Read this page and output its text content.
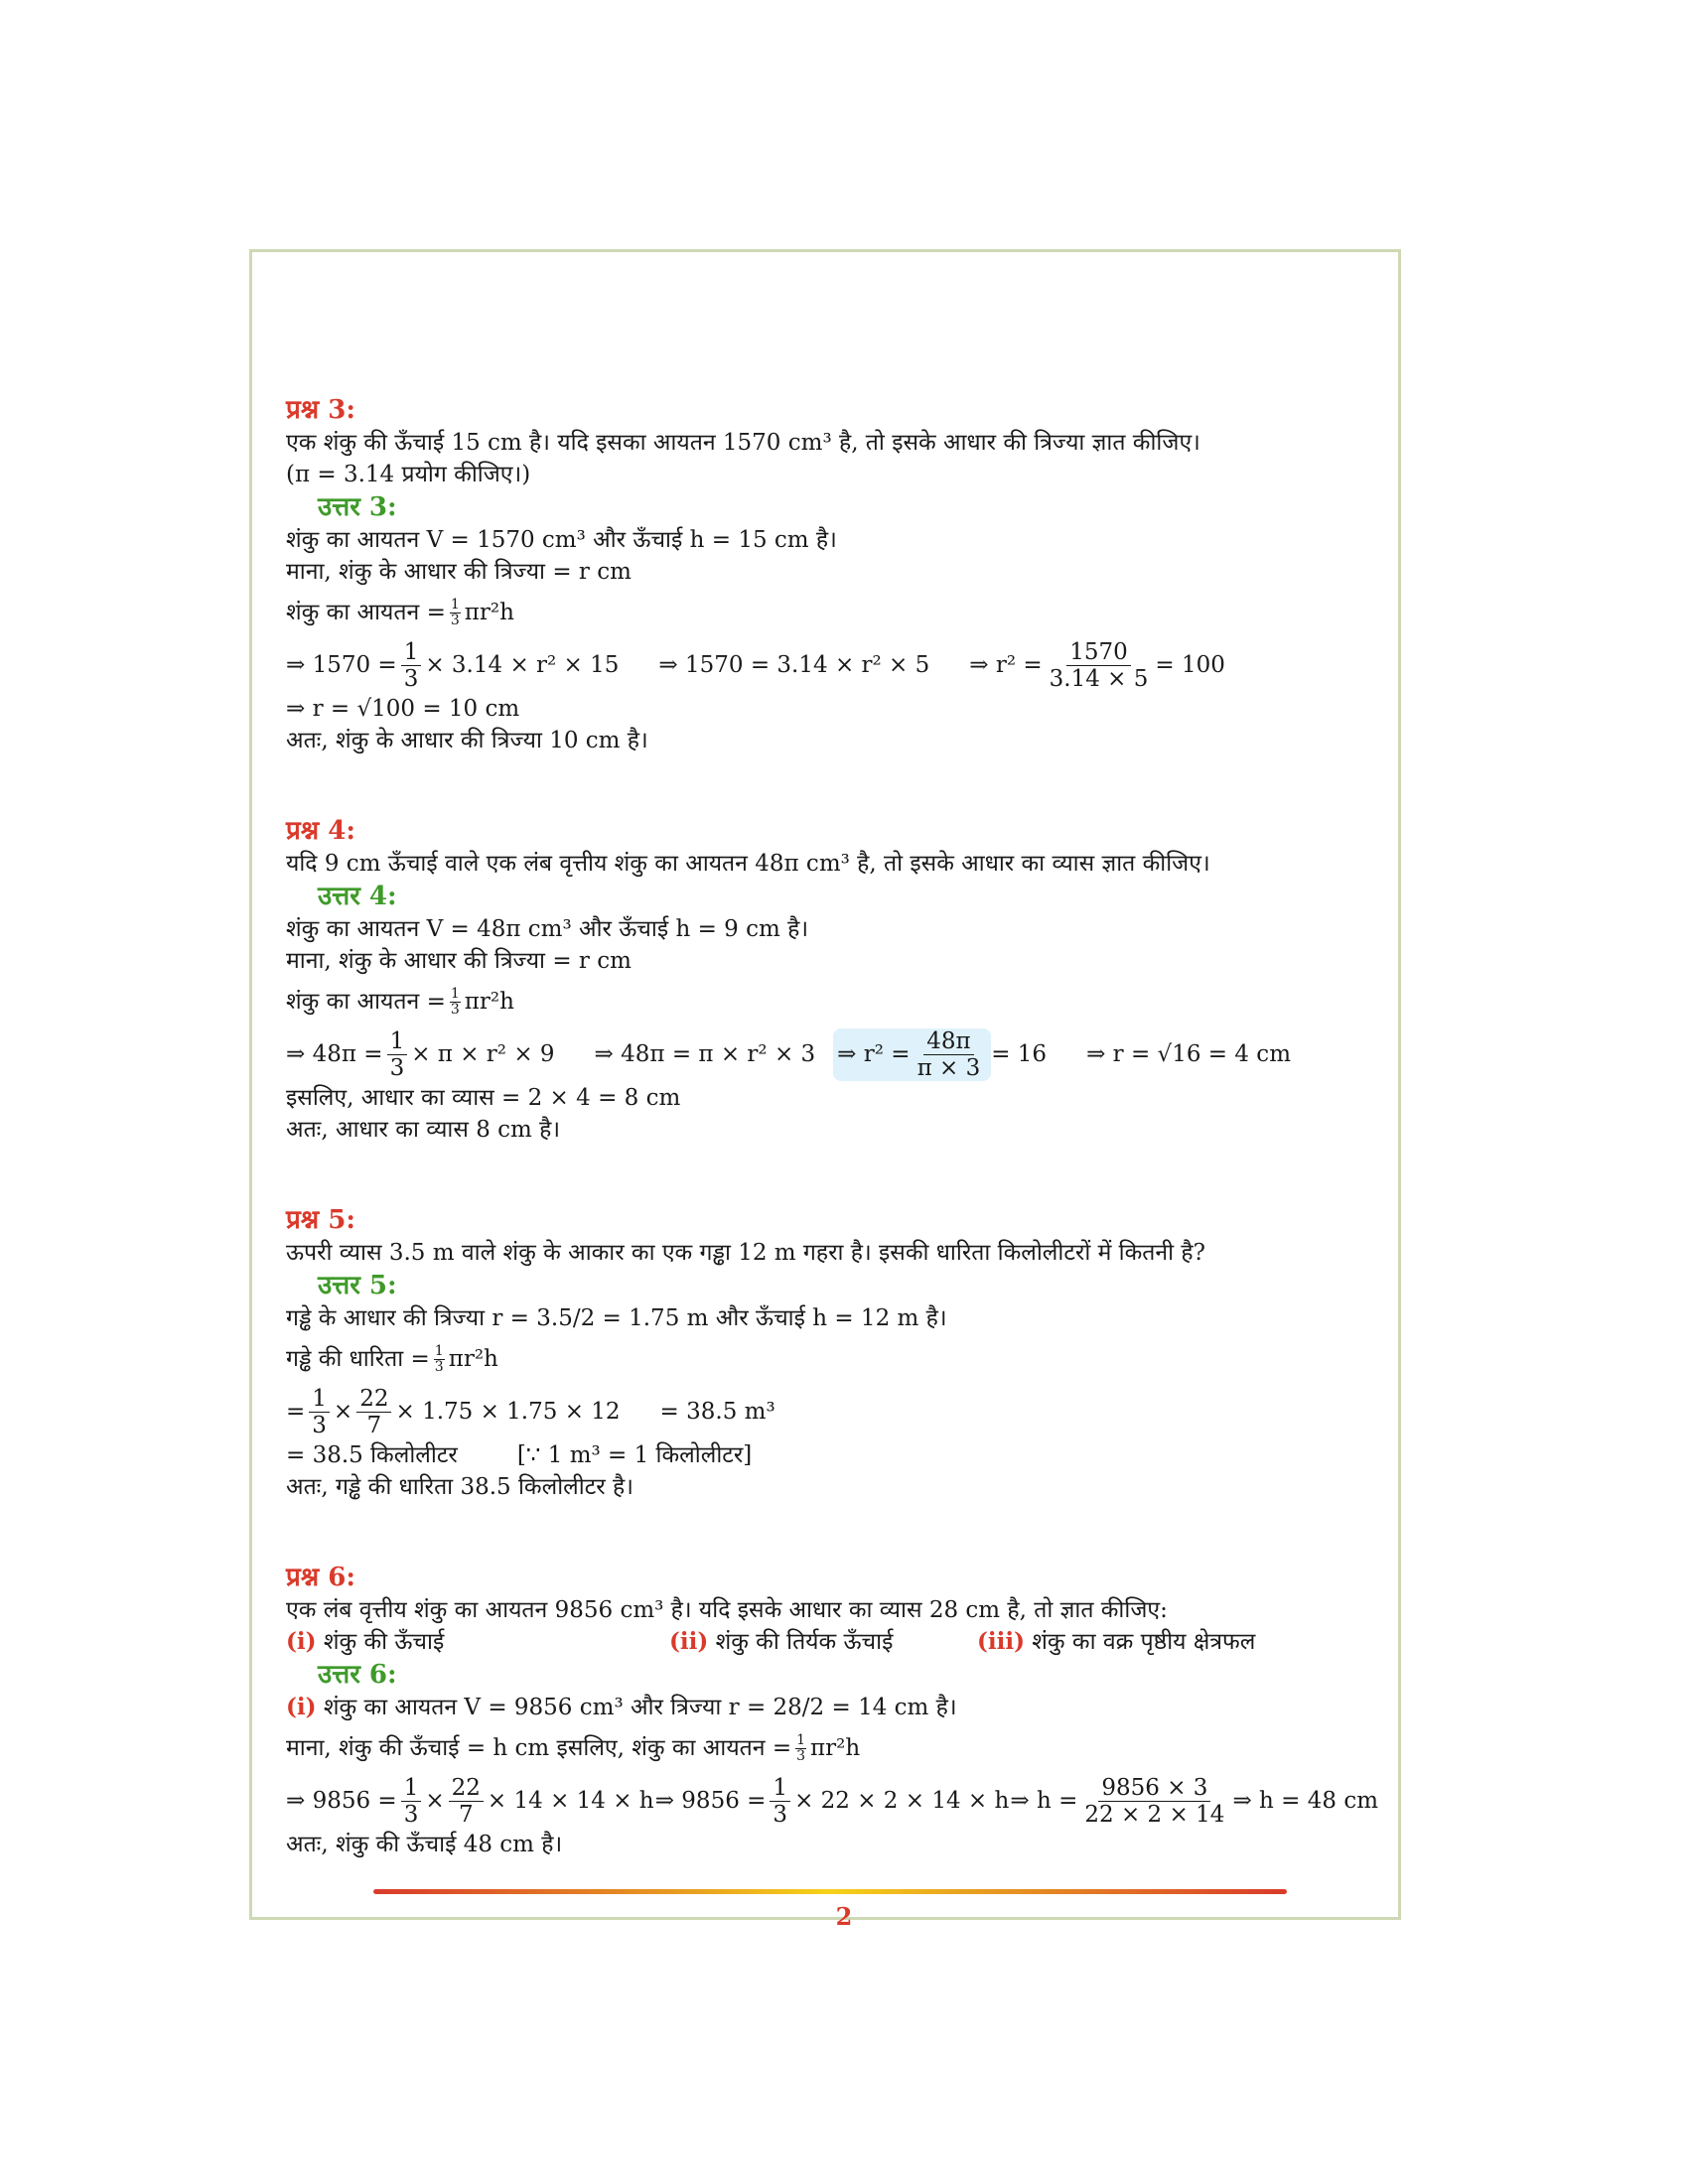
प्रश्न 3:
एक शंकु की ऊँचाई 15 cm है। यदि इसका आयतन 1570 cm³ है, तो इसके आधार की त्रिज्या ज्ञात कीजिए।
(π = 3.14 प्रयोग कीजिए।)
उत्तर 3:
शंकु का आयतन V = 1570 cm³ और ऊँचाई h = 15 cm है।
माना, शंकु के आधार की त्रिज्या = r cm
शंकु का आयतन = $\frac{1}{3} \pi r^2h$
⇒ $1570 = \frac{1}{3} \times 3.14 \times r^2 \times 15$ ⇒ 1570 = 3.14 × r² × 5 ⇒ $r^2 = \frac{1570}{3.14 \times 5} = 100$
⇒ r = √100 = 10 cm
अतः, शंकु के आधार की त्रिज्या 10 cm है।
प्रश्न 4:
यदि 9 cm ऊँचाई वाले एक लंब वृत्तीय शंकु का आयतन 48π cm³ है, तो इसके आधार का व्यास ज्ञात कीजिए।
उत्तर 4:
शंकु का आयतन V = 48π cm³ और ऊँचाई h = 9 cm है।
माना, शंकु के आधार की त्रिज्या = r cm
शंकु का आयतन = $\frac{1}{3} \pi r^2h$
⇒ $48\pi = \frac{1}{3} \times \pi \times r^2 \times 9$ ⇒ 48π = π × r² × 3 ⇒ $r^2 = \frac{48\pi}{\pi \times 3} = 16$ ⇒ r = √16 = 4 cm
इसलिए, आधार का व्यास = 2 × 4 = 8 cm
अतः, आधार का व्यास 8 cm है।
प्रश्न 5:
ऊपरी व्यास 3.5 m वाले शंकु के आकार का एक गड्ढा 12 m गहरा है। इसकी धारिता किलोलीटरों में कितनी है?
उत्तर 5:
गड्ढे के आधार की त्रिज्या r = 3.5/2 = 1.75 m और ऊँचाई h = 12 m है।
गड्ढे की धारिता = $\frac{1}{3} \pi r^2h$
= $\frac{1}{3} \times \frac{22}{7} \times 1.75 \times 1.75 \times 12 = 38.5$ m³
= 38.5 किलोलीटर	[∵ 1 m³ = 1 किलोलीटर]
अतः, गड्ढे की धारिता 38.5 किलोलीटर है।
प्रश्न 6:
एक लंब वृत्तीय शंकु का आयतन 9856 cm³ है। यदि इसके आधार का व्यास 28 cm है, तो ज्ञात कीजिए:
(i) शंकु की ऊँचाई	(ii) शंकु की तिर्यक ऊँचाई	(iii) शंकु का वक्र पृष्ठीय क्षेत्रफल
उत्तर 6:
(i) शंकु का आयतन V = 9856 cm³ और त्रिज्या r = 28/2 = 14 cm है।
माना, शंकु की ऊँचाई = h cm इसलिए, शंकु का आयतन = $\frac{1}{3} \pi r^2h$
⇒ $9856 = \frac{1}{3} \times \frac{22}{7} \times 14 \times 14 \times h$ ⇒ $9856 = \frac{1}{3} \times 22 \times 2 \times 14 \times h$ ⇒ $h = \frac{9856 \times 3}{22 \times 2 \times 14}$ ⇒ h = 48 cm
अतः, शंकु की ऊँचाई 48 cm है।
2
